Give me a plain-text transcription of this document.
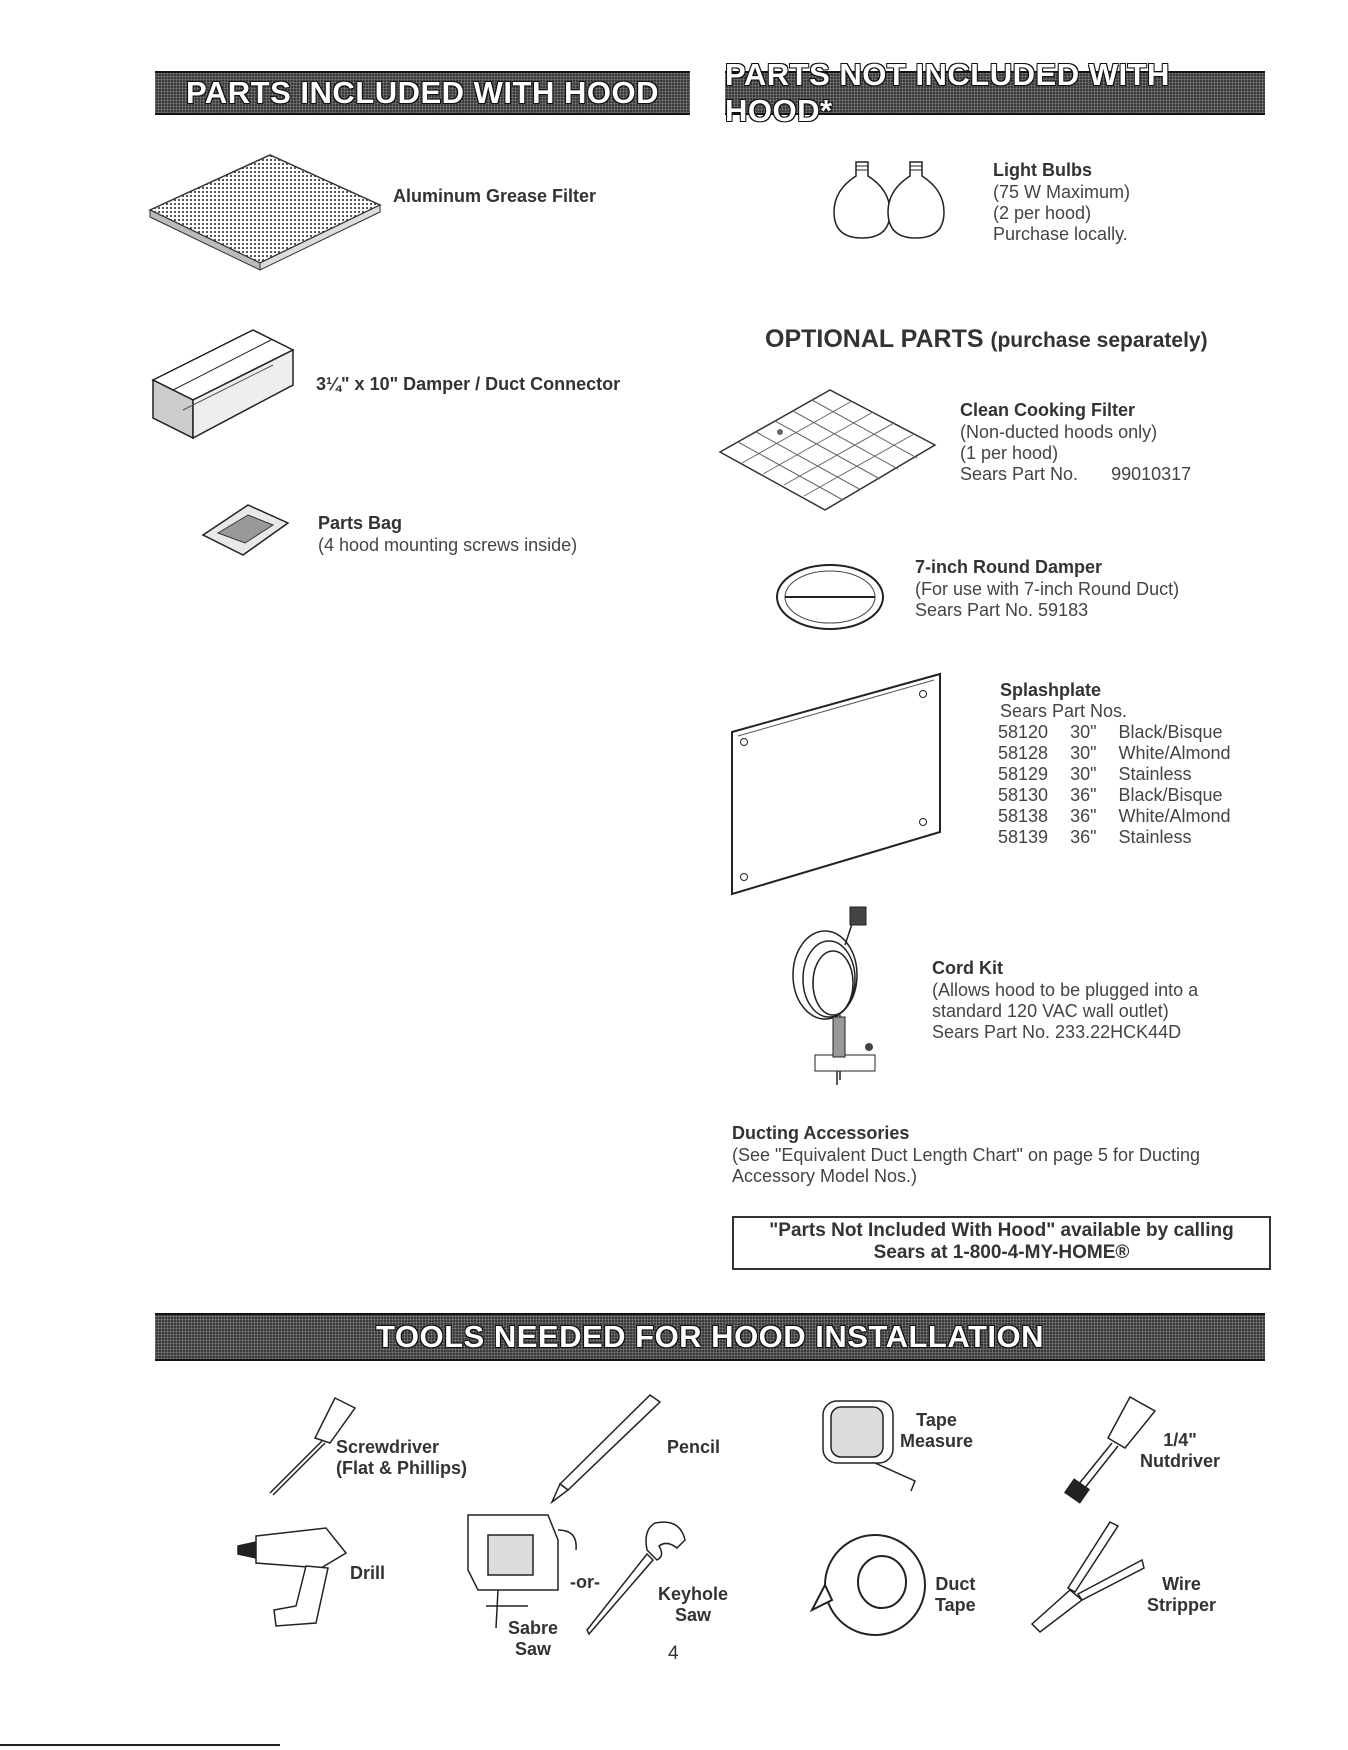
PARTS INCLUDED WITH HOOD
PARTS NOT INCLUDED WITH HOOD*
Aluminum Grease Filter
3¼" x 10" Damper / Duct Connector
Parts Bag
(4 hood mounting screws inside)
Light Bulbs
(75 W Maximum)
(2 per hood)
Purchase locally.
OPTIONAL PARTS (purchase separately)
Clean Cooking Filter
(Non-ducted hoods only)
(1 per hood)
Sears Part No. 99010317
7-inch Round Damper
(For use with 7-inch Round Duct)
Sears Part No. 59183
Splashplate
Sears Part Nos.
58120	30"	Black/Bisque
58128	30"	White/Almond
58129	30"	Stainless
58130	36"	Black/Bisque
58138	36"	White/Almond
58139	36"	Stainless
Cord Kit
(Allows hood to be plugged into a
standard 120 VAC wall outlet)
Sears Part No. 233.22HCK44D
Ducting Accessories
(See "Equivalent Duct Length Chart" on page 5 for Ducting
Accessory Model Nos.)
"Parts Not Included With Hood" available by calling
Sears at 1-800-4-MY-HOME®
TOOLS NEEDED FOR HOOD INSTALLATION
Screwdriver
(Flat & Phillips)
Pencil
Tape
Measure	1/4"
Nutdriver
Drill	-or-
Sabre
Saw
Keyhole
Saw
Duct
Tape
Wire
Stripper
4
